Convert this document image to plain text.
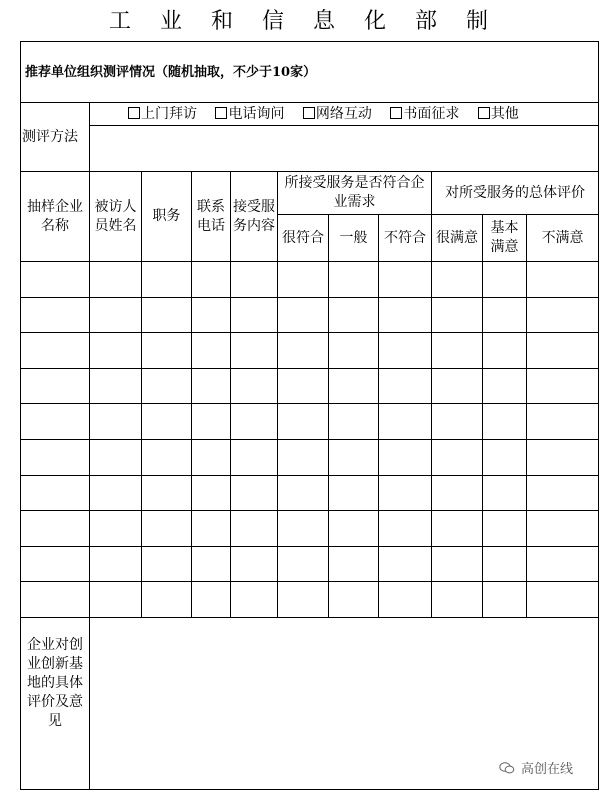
工 业 和 信 息 化 部 制
推荐单位组织测评情况（随机抽取，不少于10家）										
测评方法	上门拜访 电话询问 网络互动 书面征求 其他									

抽样企业名称	被访人员姓名	职务	联系电话	接受服务内容	所接受服务是否符合企业需求			对所受服务的总体评价		
					很符合	一般	不符合	很满意	基本满意	不满意

企业对创业创新基地的具体评价及意见										
高创在线
